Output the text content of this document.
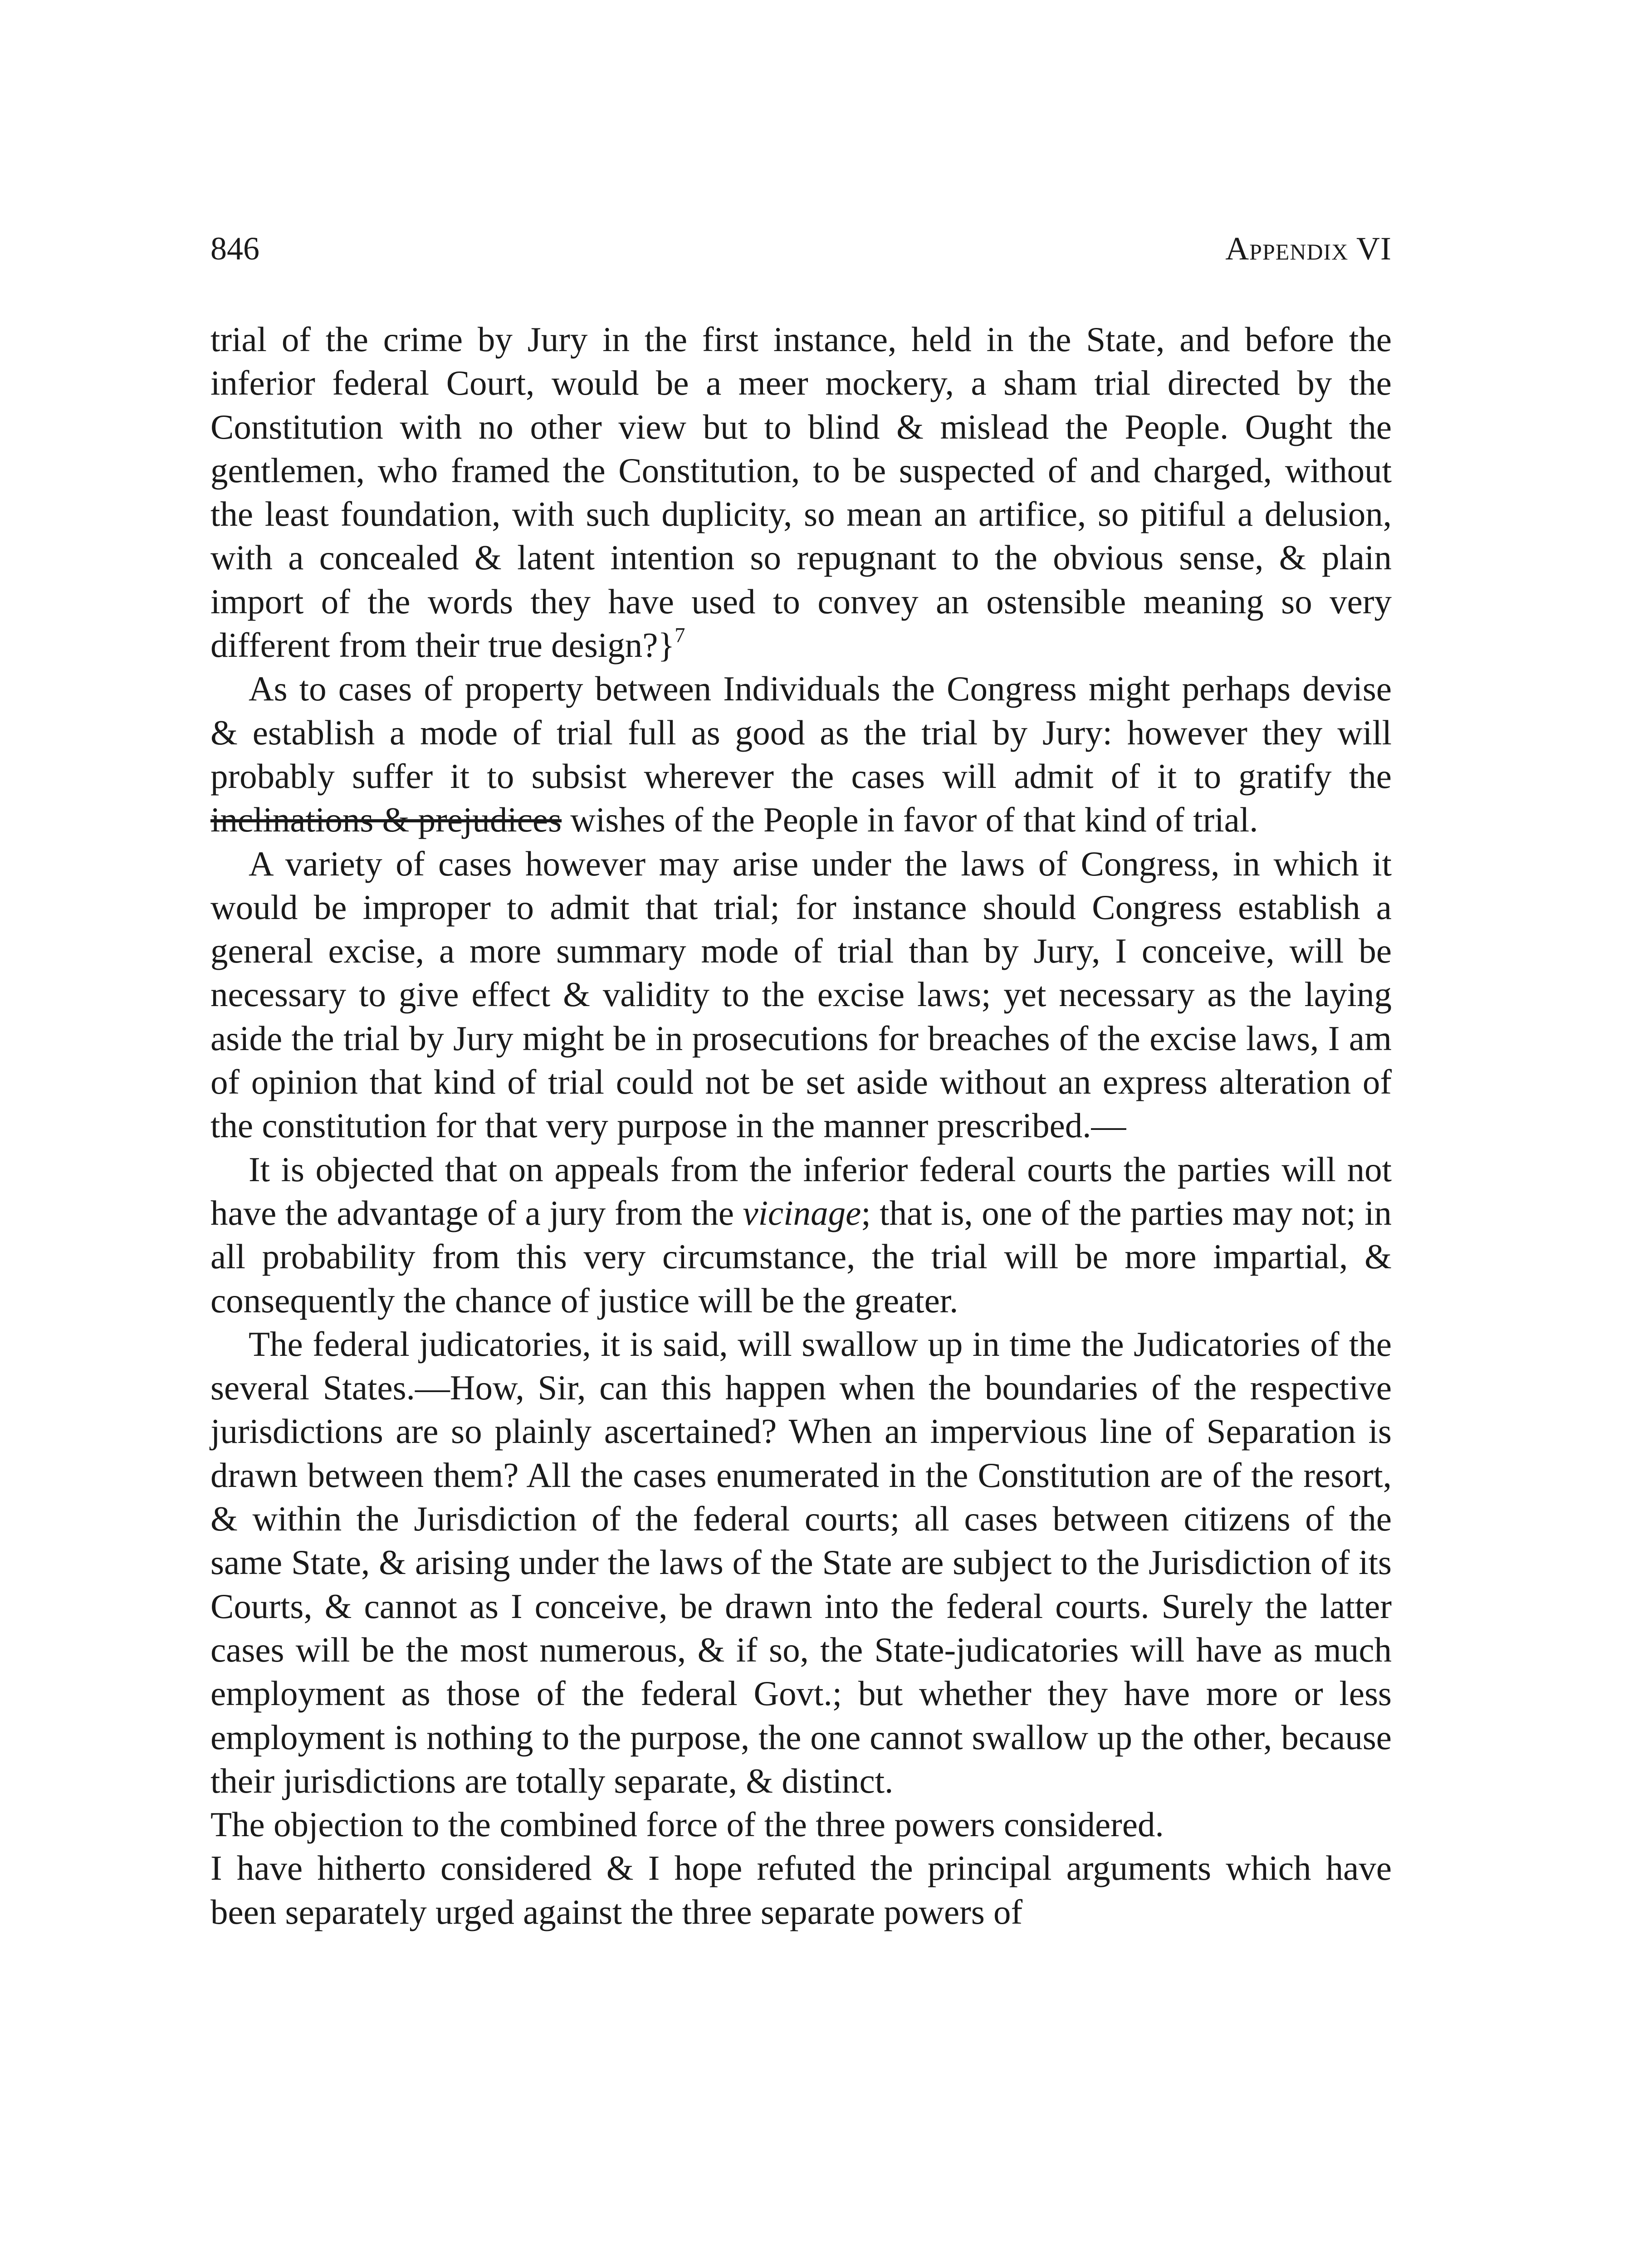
846	Appendix VI

trial of the crime by Jury in the first instance, held in the State, and before the inferior federal Court, would be a meer mockery, a sham trial directed by the Constitution with no other view but to blind & mislead the People. Ought the gentlemen, who framed the Constitution, to be suspected of and charged, without the least foundation, with such duplicity, so mean an artifice, so pitiful a delusion, with a concealed & latent intention so repugnant to the obvious sense, & plain import of the words they have used to convey an ostensible meaning so very different from their true design?}$^7$

As to cases of property between Individuals the Congress might perhaps devise & establish a mode of trial full as good as the trial by Jury: however they will probably suffer it to subsist wherever the cases will admit of it to gratify the inclinations & prejudices wishes of the People in favor of that kind of trial.

A variety of cases however may arise under the laws of Congress, in which it would be improper to admit that trial; for instance should Congress establish a general excise, a more summary mode of trial than by Jury, I conceive, will be necessary to give effect & validity to the excise laws; yet necessary as the laying aside the trial by Jury might be in prosecutions for breaches of the excise laws, I am of opinion that kind of trial could not be set aside without an express alteration of the constitution for that very purpose in the manner prescribed.—

It is objected that on appeals from the inferior federal courts the parties will not have the advantage of a jury from the vicinage; that is, one of the parties may not; in all probability from this very circumstance, the trial will be more impartial, & consequently the chance of justice will be the greater.

The federal judicatories, it is said, will swallow up in time the Judicatories of the several States.—How, Sir, can this happen when the boundaries of the respective jurisdictions are so plainly ascertained? When an impervious line of Separation is drawn between them? All the cases enumerated in the Constitution are of the resort, & within the Jurisdiction of the federal courts; all cases between citizens of the same State, & arising under the laws of the State are subject to the Jurisdiction of its Courts, & cannot as I conceive, be drawn into the federal courts. Surely the latter cases will be the most numerous, & if so, the State-judicatories will have as much employment as those of the federal Govt.; but whether they have more or less employment is nothing to the purpose, the one cannot swallow up the other, because their jurisdictions are totally separate, & distinct.

The objection to the combined force of the three powers considered.

I have hitherto considered & I hope refuted the principal arguments which have been separately urged against the three separate powers of
